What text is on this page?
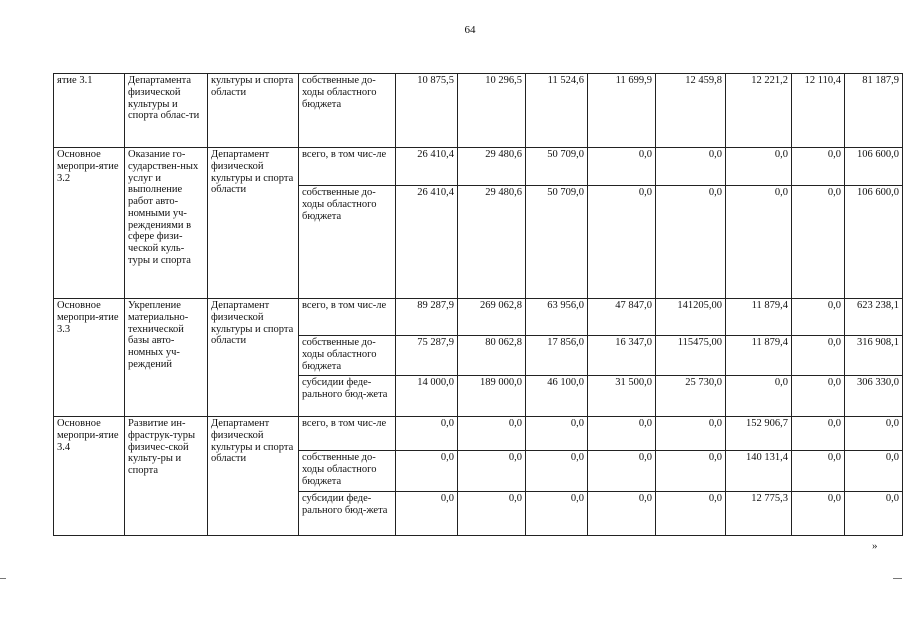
64
ятие 3.1	Департамента физической культуры и спорта облас-ти	культуры и спорта области	собственные до-ходы областного бюджета	10 875,5	10 296,5	11 524,6	11 699,9	12 459,8	12 221,2	12 110,4	81 187,9
Основное меропри-ятие 3.2	Оказание го-сударствен-ных услуг и выполнение работ авто-номными уч-реждениями в сфере физи-ческой куль-туры и спорта	Департамент физической культуры и спорта области	всего, в том чис-ле	26 410,4	29 480,6	50 709,0	0,0	0,0	0,0	0,0	106 600,0
			собственные до-ходы областного бюджета	26 410,4	29 480,6	50 709,0	0,0	0,0	0,0	0,0	106 600,0
Основное меропри-ятие 3.3	Укрепление материально-технической базы авто-номных уч-реждений	Департамент физической культуры и спорта области	всего, в том чис-ле	89 287,9	269 062,8	63 956,0	47 847,0	141205,00	11 879,4	0,0	623 238,1
			собственные до-ходы областного бюджета	75 287,9	80 062,8	17 856,0	16 347,0	115475,00	11 879,4	0,0	316 908,1
			субсидии феде-рального бюд-жета	14 000,0	189 000,0	46 100,0	31 500,0	25 730,0	0,0	0,0	306 330,0
Основное меропри-ятие 3.4	Развитие ин-фраструк-туры физичес-ской культу-ры и спорта	Департамент физической культуры и спорта области	всего, в том чис-ле	0,0	0,0	0,0	0,0	0,0	152 906,7	0,0	0,0
			собственные до-ходы областного бюджета	0,0	0,0	0,0	0,0	0,0	140 131,4	0,0	0,0
			субсидии феде-рального бюд-жета	0,0	0,0	0,0	0,0	0,0	12 775,3	0,0	0,0
»
